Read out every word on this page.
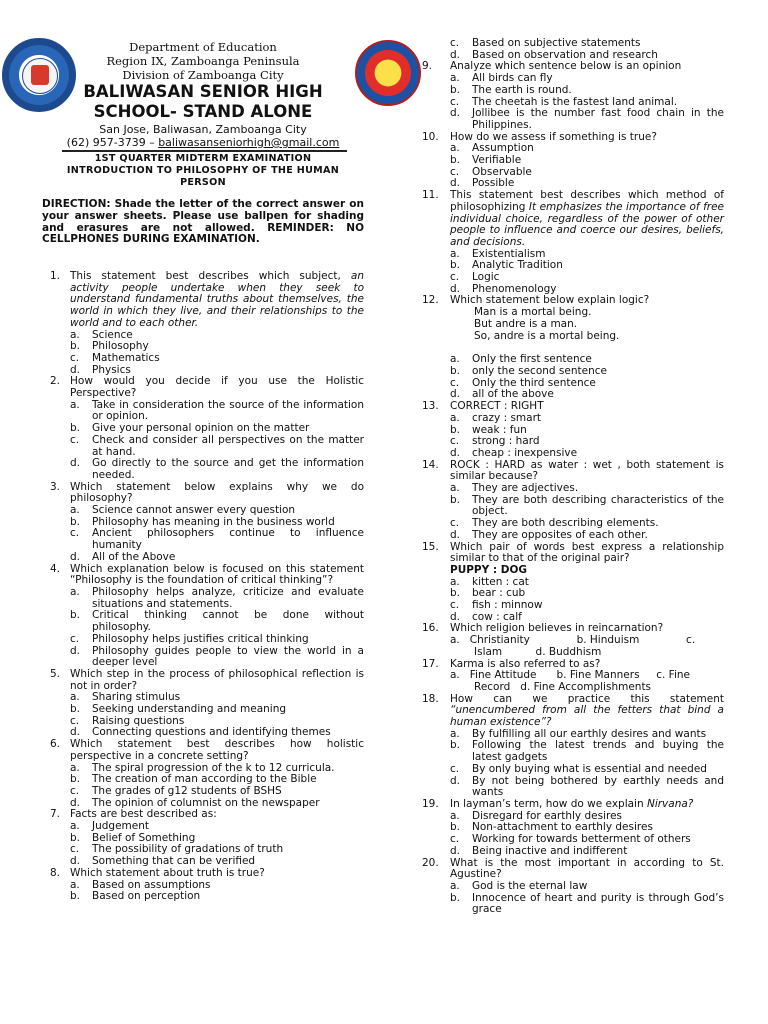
Department of Education
Region IX, Zamboanga Peninsula
Division of Zamboanga City
BALIWASAN SENIOR HIGH
SCHOOL- STAND ALONE
San Jose, Baliwasan, Zamboanga City
(62) 957-3739 – baliwasanseniorhigh@gmail.com
1ST QUARTER MIDTERM EXAMINATION
INTRODUCTION TO PHILOSOPHY OF THE HUMAN
PERSON
DIRECTION: Shade the letter of the correct answer on your answer sheets. Please use ballpen for shading and erasures are not allowed. REMINDER: NO CELLPHONES DURING EXAMINATION.
1. This statement best describes which subject, an activity people undertake when they seek to understand fundamental truths about themselves, the world in which they live, and their relationships to the world and to each other.
a.	Science
b.	Philosophy
c.	Mathematics
d.	Physics
2. How would you decide if you use the Holistic Perspective?
a.	Take in consideration the source of the information or opinion.
b.	Give your personal opinion on the matter
c.	Check and consider all perspectives on the matter at hand.
d.	Go directly to the source and get the information needed.
3. Which statement below explains why we do philosophy?
a.	Science cannot answer every question
b.	Philosophy has meaning in the business world
c.	Ancient philosophers continue to influence humanity
d.	All of the Above
4. Which explanation below is focused on this statement “Philosophy is the foundation of critical thinking”?
a.	Philosophy helps analyze, criticize and evaluate situations and statements.
b.	Critical thinking cannot be done without philosophy.
c.	Philosophy helps justifies critical thinking
d.	Philosophy guides people to view the world in a deeper level
5. Which step in the process of philosophical reflection is not in order?
a.	Sharing stimulus
b.	Seeking understanding and meaning
c.	Raising questions
d.	Connecting questions and identifying themes
6. Which statement best describes how holistic perspective in a concrete setting?
a.	The spiral progression of the k to 12 curricula.
b.	The creation of man according to the Bible
c.	The grades of g12 students of BSHS
d.	The opinion of columnist on the newspaper
7. Facts are best described as:
a.	Judgement
b.	Belief of Something
c.	The possibility of gradations of truth
d.	Something that can be verified
8. Which statement about truth is true?
a.	Based on assumptions
b.	Based on perception
c.	Based on subjective statements
d.	Based on observation and research
9.	Analyze which sentence below is an opinion
a.	All birds can fly
b.	The earth is round.
c.	The cheetah is the fastest land animal.
d.	Jollibee is the number fast food chain in the Philippines.
10.	How do we assess if something is true?
a.	Assumption
b.	Verifiable
c.	Observable
d.	Possible
11.	This statement best describes which method of philosophizing It emphasizes the importance of free individual choice, regardless of the power of other people to influence and coerce our desires, beliefs, and decisions.
a.	Existentialism
b.	Analytic Tradition
c.	Logic
d.	Phenomenology
12.	Which statement below explain logic?
Man is a mortal being.
But andre is a man.
So, andre is a mortal being.
a.	Only the first sentence
b.	only the second sentence
c.	Only the third sentence
d.	all of the above
13.	CORRECT : RIGHT
a.	crazy : smart
b.	weak : fun
c.	strong : hard
d.	cheap : inexpensive
14.	ROCK : HARD as water : wet , both statement is similar because?
a.	They are adjectives.
b.	They are both describing characteristics of the object.
c.	They are both describing elements.
d.	They are opposites of each other.
15.	Which pair of words best express a relationship similar to that of the original pair?
PUPPY : DOG
a.	kitten : cat
b.	bear : cub
c.	fish : minnow
d.	cow : calf
16.	Which religion believes in reincarnation?
a.   Christianity              b. Hinduism              c.
Islam          d. Buddhism
17.	Karma is also referred to as?
a.   Fine Attitude      b. Fine Manners     c. Fine
Record   d. Fine Accomplishments
18.	How can we practice this statement “unencumbered from all the fetters that bind a human existence”?
a.	By fulfilling all our earthly desires and wants
b.	Following the latest trends and buying the latest gadgets
c.	By only buying what is essential and needed
d.	By not being bothered by earthly needs and wants
19.	In layman’s term, how do we explain Nirvana?
a.	Disregard for earthly desires
b.	Non-attachment to earthly desires
c.	Working for towards betterment of others
d.	Being inactive and indifferent
20.	What is the most important in according to St. Agustine?
a.	God is the eternal law
b.	Innocence of heart and purity is through God’s grace
